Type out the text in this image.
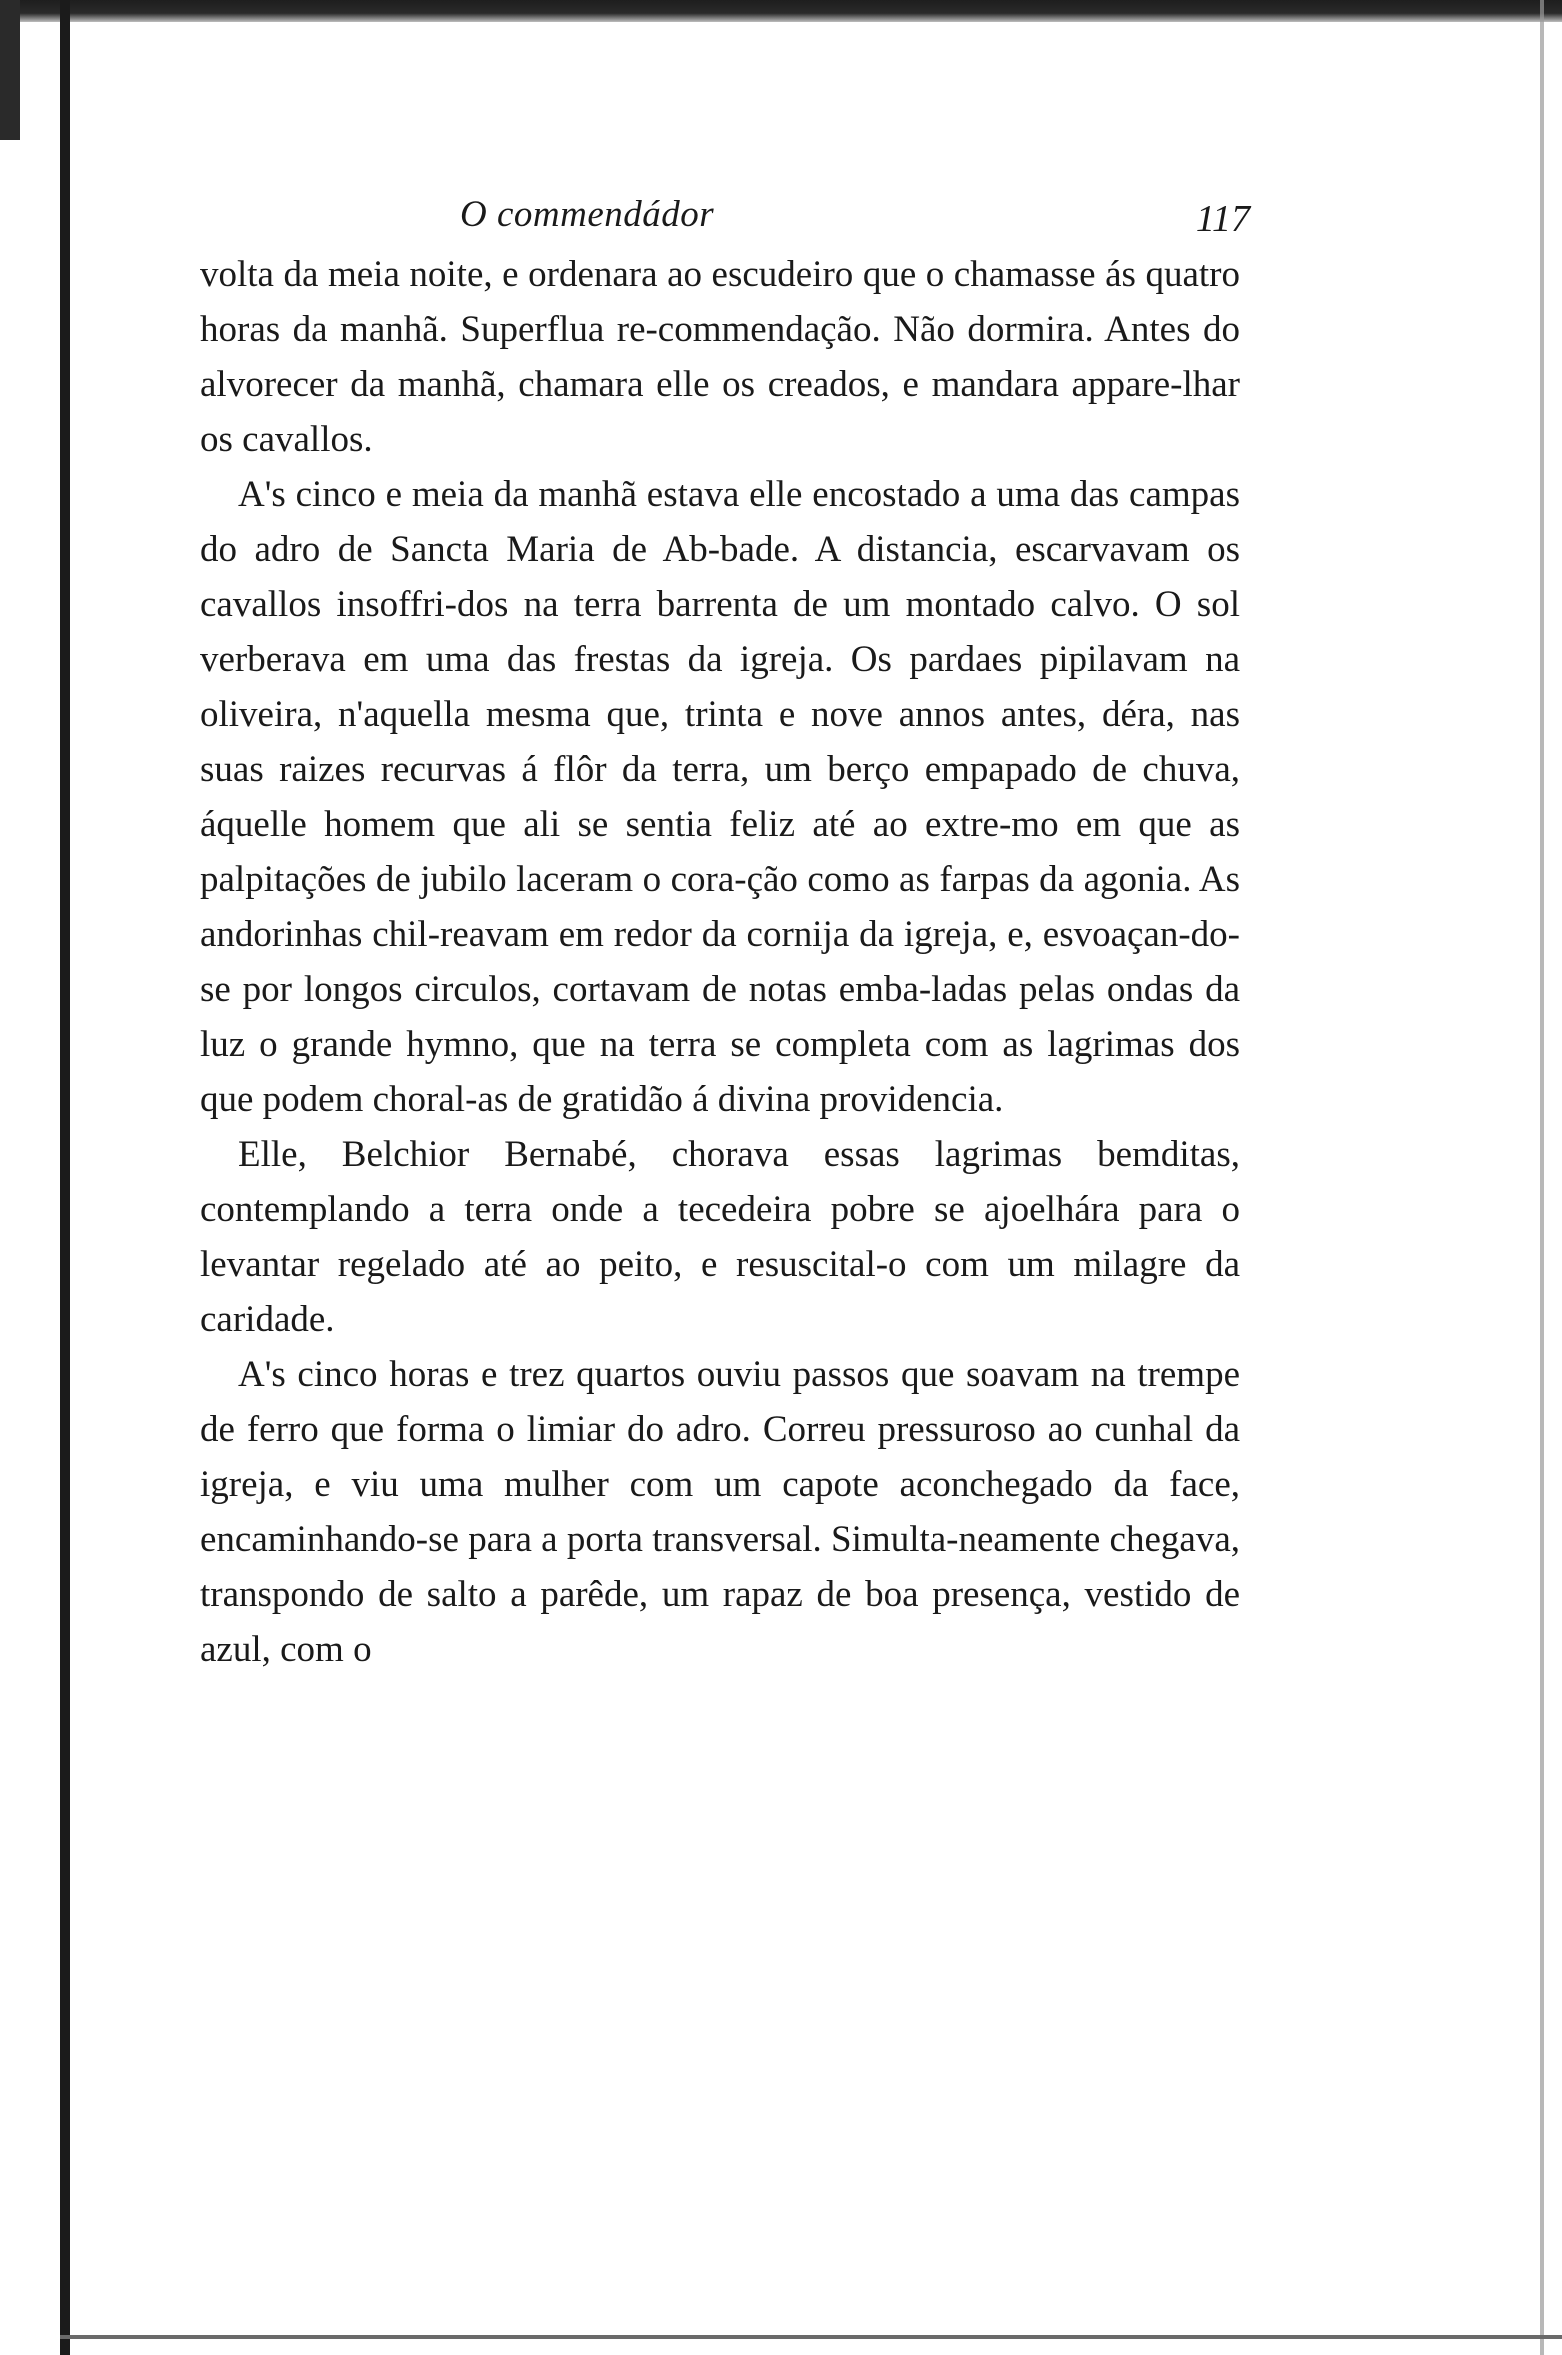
O commendádor	117

volta da meia noite, e ordenara ao escudeiro que o chamasse ás quatro horas da manhã. Superflua re-commendação. Não dormira. Antes do alvorecer da manhã, chamara elle os creados, e mandara appare-lhar os cavallos.

A's cinco e meia da manhã estava elle encostado a uma das campas do adro de Sancta Maria de Ab-bade. A distancia, escarvavam os cavallos insoffri-dos na terra barrenta de um montado calvo. O sol verberava em uma das frestas da igreja. Os pardaes pipilavam na oliveira, n'aquella mesma que, trinta e nove annos antes, déra, nas suas raizes recurvas á flôr da terra, um berço empapado de chuva, áquelle homem que ali se sentia feliz até ao extre-mo em que as palpitações de jubilo laceram o cora-ção como as farpas da agonia. As andorinhas chil-reavam em redor da cornija da igreja, e, esvoaçan-do-se por longos circulos, cortavam de notas emba-ladas pelas ondas da luz o grande hymno, que na terra se completa com as lagrimas dos que podem choral-as de gratidão á divina providencia.

Elle, Belchior Bernabé, chorava essas lagrimas bemditas, contemplando a terra onde a tecedeira pobre se ajoelhára para o levantar regelado até ao peito, e resuscital-o com um milagre da caridade.

A's cinco horas e trez quartos ouviu passos que soavam na trempe de ferro que forma o limiar do adro. Correu pressuroso ao cunhal da igreja, e viu uma mulher com um capote aconchegado da face, encaminhando-se para a porta transversal. Simulta-neamente chegava, transpondo de salto a parêde, um rapaz de boa presença, vestido de azul, com o
